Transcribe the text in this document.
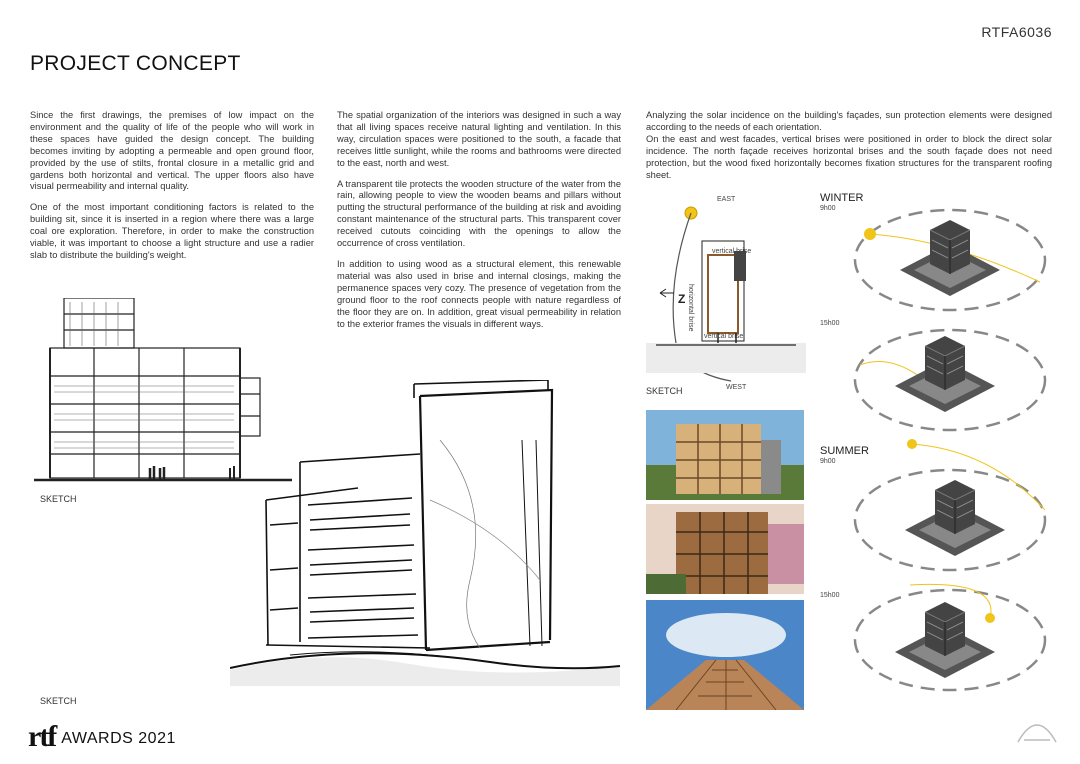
RTFA6036
PROJECT CONCEPT

Since the first drawings, the premises of low impact on the environment and the quality of life of the people who will work in these spaces have guided the design concept. The building becomes inviting by adopting a permeable and open ground floor, provided by the use of stilts, frontal closure in a metallic grid and gardens both horizontal and vertical. The upper floors also have visual permeability and internal quality.

One of the most important conditioning factors is related to the building sit, since it is inserted in a region where there was a large coal ore exploration. Therefore, in order to make the construction viable, it was important to choose a light structure and use a radier slab to distribute the building's weight.

The spatial organization of the interiors was designed in such a way that all living spaces receive natural lighting and ventilation. In this way, circulation spaces were positioned to the south, a facade that receives little sunlight, while the rooms and bathrooms were directed to the east, north and west.

A transparent tile protects the wooden structure of the water from the rain, allowing people to view the wooden beams and pillars without putting the structural performance of the building at risk and avoiding constant maintenance of the structural parts. This transparent cover received cutouts coinciding with the openings to allow the occurrence of cross ventilation.

In addition to using wood as a structural element, this renewable material was also used in brise and internal closings, making the permanence spaces very cozy. The presence of vegetation from the ground floor to the roof connects people with nature regardless of the floor they are on. In addition, great visual permeability in relation to the exterior frames the visuals in different ways.

Analyzing the solar incidence on the building's façades, sun protection elements were designed according to the needs of each orientation.

On the east and west facades, vertical brises were positioned in order to block the direct solar incidence. The north façade receives horizontal brises and the south façade does not need protection, but the wood fixed horizontally becomes fixation structures for the transparent roofing sheet.

SKETCH
SKETCH
EAST
vertical brise
horizontal brise
vertical brise
WEST
Z
SKETCH
WINTER
9h00
15h00
SUMMER
9h00
15h00
rtf AWARDS 2021
